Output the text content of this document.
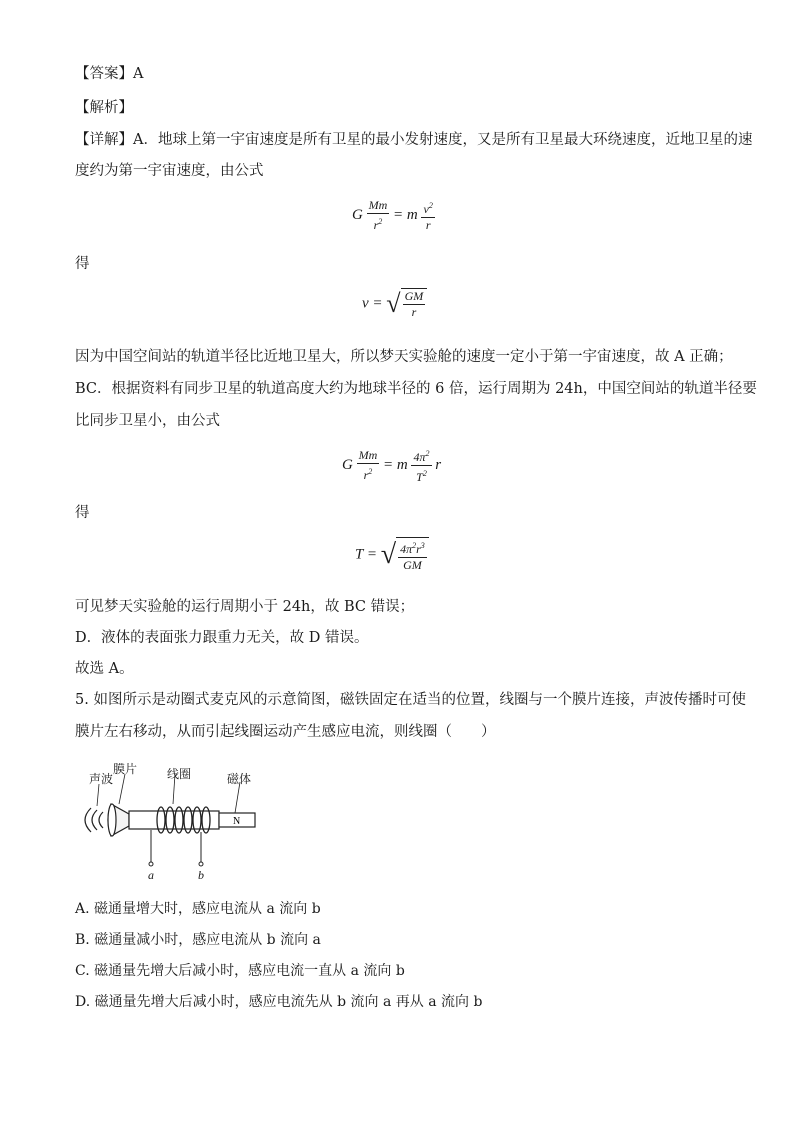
【答案】A
【解析】
【详解】A．地球上第一宇宙速度是所有卫星的最小发射速度，又是所有卫星最大环绕速度，近地卫星的速
度约为第一宇宙速度，由公式
G $\frac{Mm}{r^2} = m \frac{v^2}{r}$
得
v = √ $\frac{GM}{r}$
因为中国空间站的轨道半径比近地卫星大，所以梦天实验舱的速度一定小于第一宇宙速度，故 A 正确；
BC．根据资料有同步卫星的轨道高度大约为地球半径的 6 倍，运行周期为 24h，中国空间站的轨道半径要
比同步卫星小，由公式
G $\frac{Mm}{r^2} = m \frac{4\pi^2}{T^2}$ r
得
T = √ $\frac{4\pi^2r^3}{GM}$
可见梦天实验舱的运行周期小于 24h，故 BC 错误；
D．液体的表面张力跟重力无关，故 D 错误。
故选 A。
5. 如图所示是动圈式麦克风的示意简图，磁铁固定在适当的位置，线圈与一个膜片连接，声波传播时可使
膜片左右移动，从而引起线圈运动产生感应电流，则线圈（　　）
N
声波
膜片 线圈	磁体
a	b
A. 磁通量增大时，感应电流从 a 流向 b
B. 磁通量减小时，感应电流从 b 流向 a
C. 磁通量先增大后减小时，感应电流一直从 a 流向 b
D. 磁通量先增大后减小时，感应电流先从 b 流向 a 再从 a 流向 b
